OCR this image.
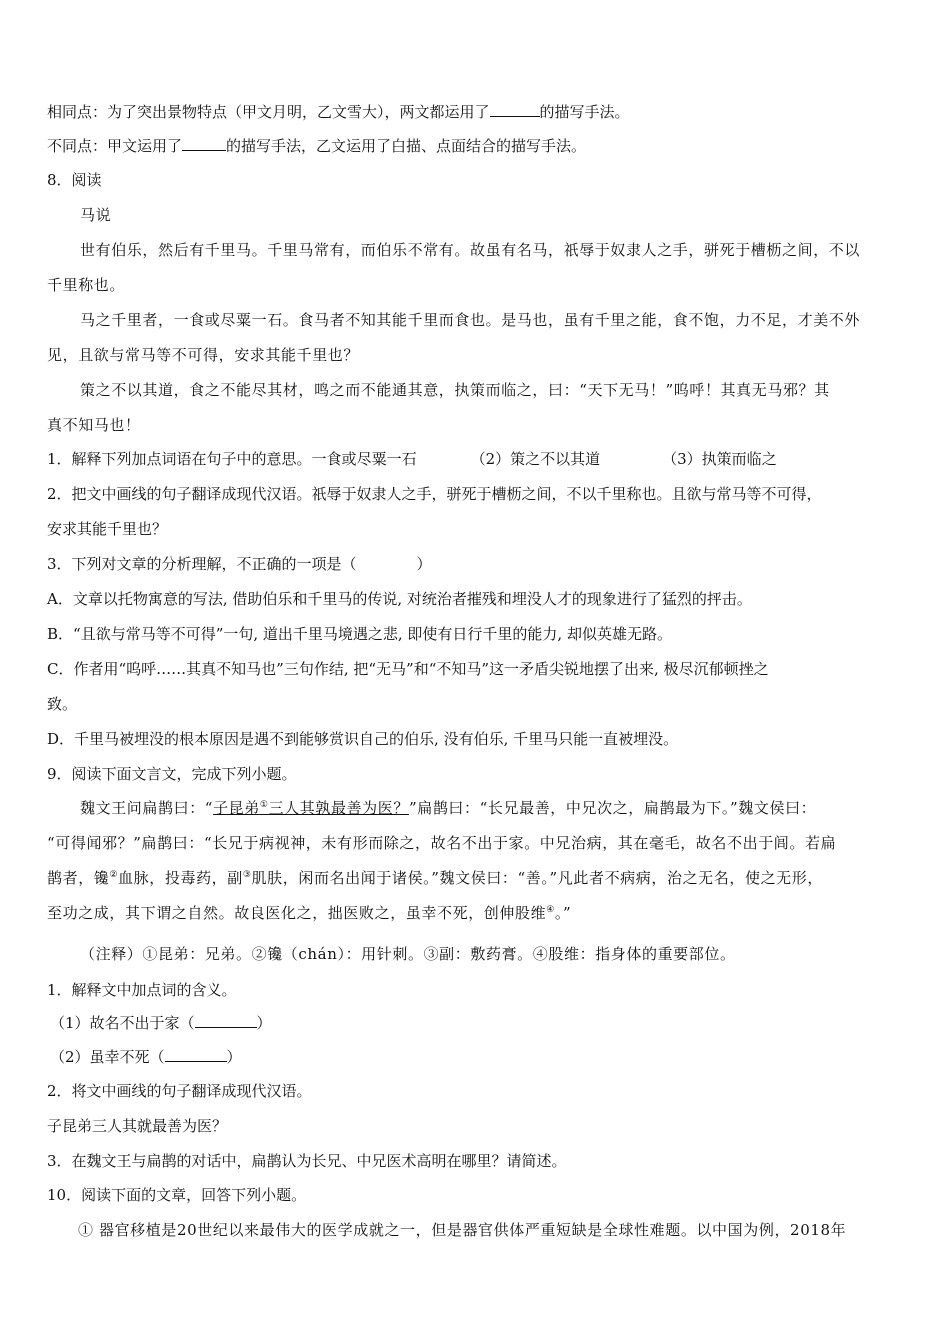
相同点：为了突出景物特点（甲文月明，乙文雪大），两文都运用了	的描写手法。
不同点：甲文运用了	的描写手法，乙文运用了白描、点面结合的描写手法。
8．阅读
马说
世有伯乐，然后有千里马。千里马常有，而伯乐不常有。故虽有名马，祇辱于奴隶人之手，骈死于槽枥之间，不以
千里称也。
马之千里者，一食或尽粟一石。食马者不知其能千里而食也。是马也，虽有千里之能，食不饱，力不足，才美不外
见，且欲与常马等不可得，安求其能千里也？
策之不以其道，食之不能尽其材，鸣之而不能通其意，执策而临之，曰：“天下无马！”呜呼！其真无马邪？其
真不知马也！
1．解释下列加点词语在句子中的意思。一食或尽粟一石	（2）策之不以其道	（3）执策而临之
2．把文中画线的句子翻译成现代汉语。祇辱于奴隶人之手，骈死于槽枥之间，不以千里称也。且欲与常马等不可得，
安求其能千里也？
3．下列对文章的分析理解，不正确的一项是（　　　　）
A．文章以托物寓意的写法, 借助伯乐和千里马的传说, 对统治者摧残和埋没人才的现象进行了猛烈的抨击。
B．“且欲与常马等不可得”一句, 道出千里马境遇之悲, 即使有日行千里的能力, 却似英雄无路。
C．作者用“呜呼……其真不知马也”三句作结, 把“无马”和“不知马”这一矛盾尖锐地摆了出来, 极尽沉郁顿挫之
致。
D．千里马被埋没的根本原因是遇不到能够赏识自己的伯乐, 没有伯乐, 千里马只能一直被埋没。
9．阅读下面文言文，完成下列小题。
魏文王问扁鹊曰：“子昆弟①三人其孰最善为医？”扁鹊曰：“长兄最善，中兄次之，扁鹊最为下。”魏文侯曰：
“可得闻邪？”扁鹊曰：“长兄于病视神，未有形而除之，故名不出于家。中兄治病，其在毫毛，故名不出于闾。若扁
鹊者，镵②血脉，投毒药，副③肌肤，闲而名出闻于诸侯。”魏文侯曰：“善。”凡此者不病病，治之无名，使之无形，
至功之成，其下谓之自然。故良医化之，拙医败之，虽幸不死，创伸股维④。”
（注释）①昆弟：兄弟。②镵（chán）：用针刺。③副：敷药膏。④股维：指身体的重要部位。
1．解释文中加点词的含义。
（1）故名不出于家（	）
（2）虽幸不死（	）
2．将文中画线的句子翻译成现代汉语。
子昆弟三人其就最善为医？
3．在魏文王与扁鹊的对话中，扁鹊认为长兄、中兄医术高明在哪里？请简述。
10．阅读下面的文章，回答下列小题。
① 器官移植是20世纪以来最伟大的医学成就之一，但是器官供体严重短缺是全球性难题。以中国为例，2018年
